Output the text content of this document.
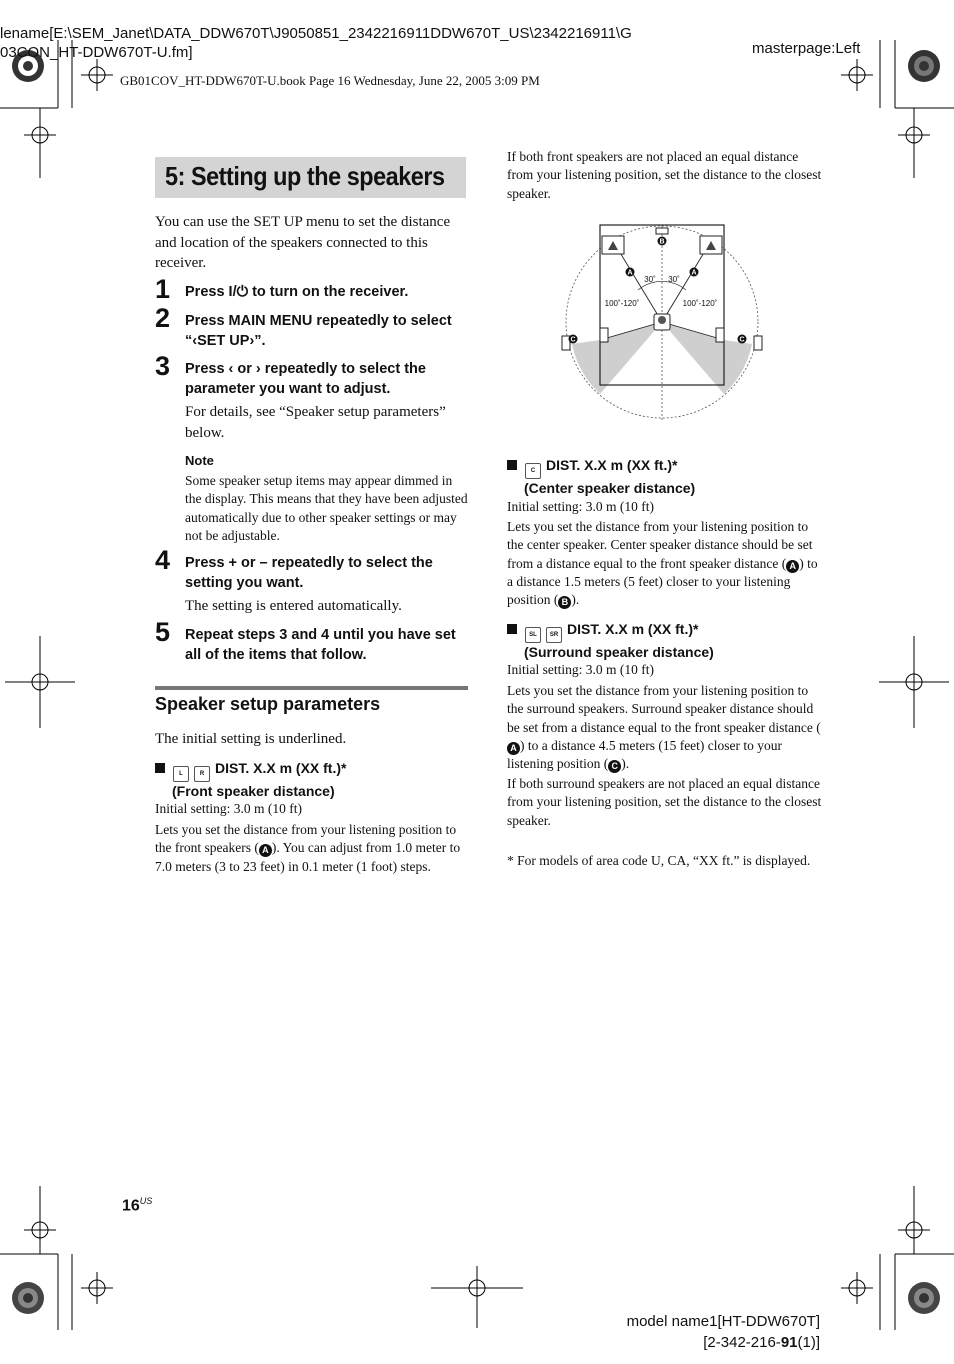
lename[E:\SEM_Janet\DATA_DDW670T\J9050851_2342216911DDW670T_US\2342216911\G
03CON_HT-DDW670T-U.fm]	masterpage:Left
GB01COV_HT-DDW670T-U.book Page 16 Wednesday, June 22, 2005 3:09 PM
5: Setting up the speakers
You can use the SET UP menu to set the distance and location of the speakers connected to this receiver.
1 Press I/⏻ to turn on the receiver.
2 Press MAIN MENU repeatedly to select
“‹SET UP›”.
3 Press ‹ or › repeatedly to select the
parameter you want to adjust.
For details, see “Speaker setup parameters” below.
Note
Some speaker setup items may appear dimmed in the display. This means that they have been adjusted automatically due to other speaker settings or may not be adjustable.
4 Press + or – repeatedly to select the
setting you want.
The setting is entered automatically.
5 Repeat steps 3 and 4 until you have set
all of the items that follow.
Speaker setup parameters
The initial setting is underlined.
L	R DIST. X.X m (XX ft.)*
(Front speaker distance)
Initial setting: 3.0 m (10 ft)
Lets you set the distance from your listening position to the front speakers ( A ). You can adjust from 1.0 meter to 7.0 meters (3 to 23 feet) in 0.1 meter (1 foot) steps.
If both front speakers are not placed an equal distance from your listening position, set the distance to the closest speaker.
B
A	A
C	C
30˚ 30˚
100˚-120˚	100˚-120˚
C DIST. X.X m (XX ft.)*
(Center speaker distance)
Initial setting: 3.0 m (10 ft)
Lets you set the distance from your listening position to the center speaker. Center speaker distance should be set from a distance equal to the front speaker distance ( A ) to a distance 1.5 meters (5 feet) closer to your listening position ( B ).
SL SR DIST. X.X m (XX ft.)*
(Surround speaker distance)
Initial setting: 3.0 m (10 ft)
Lets you set the distance from your listening position to the surround speakers. Surround speaker distance should be set from a distance equal to the front speaker distance (A ) to a distance 4.5 meters (15 feet) closer to your listening position ( C ).
If both surround speakers are not placed an equal distance from your listening position, set the distance to the closest speaker.
* For models of area code U, CA, “XX ft.” is displayed.
$16^{US}$
model name1[HT-DDW670T]
[2-342-216-91(1)]
